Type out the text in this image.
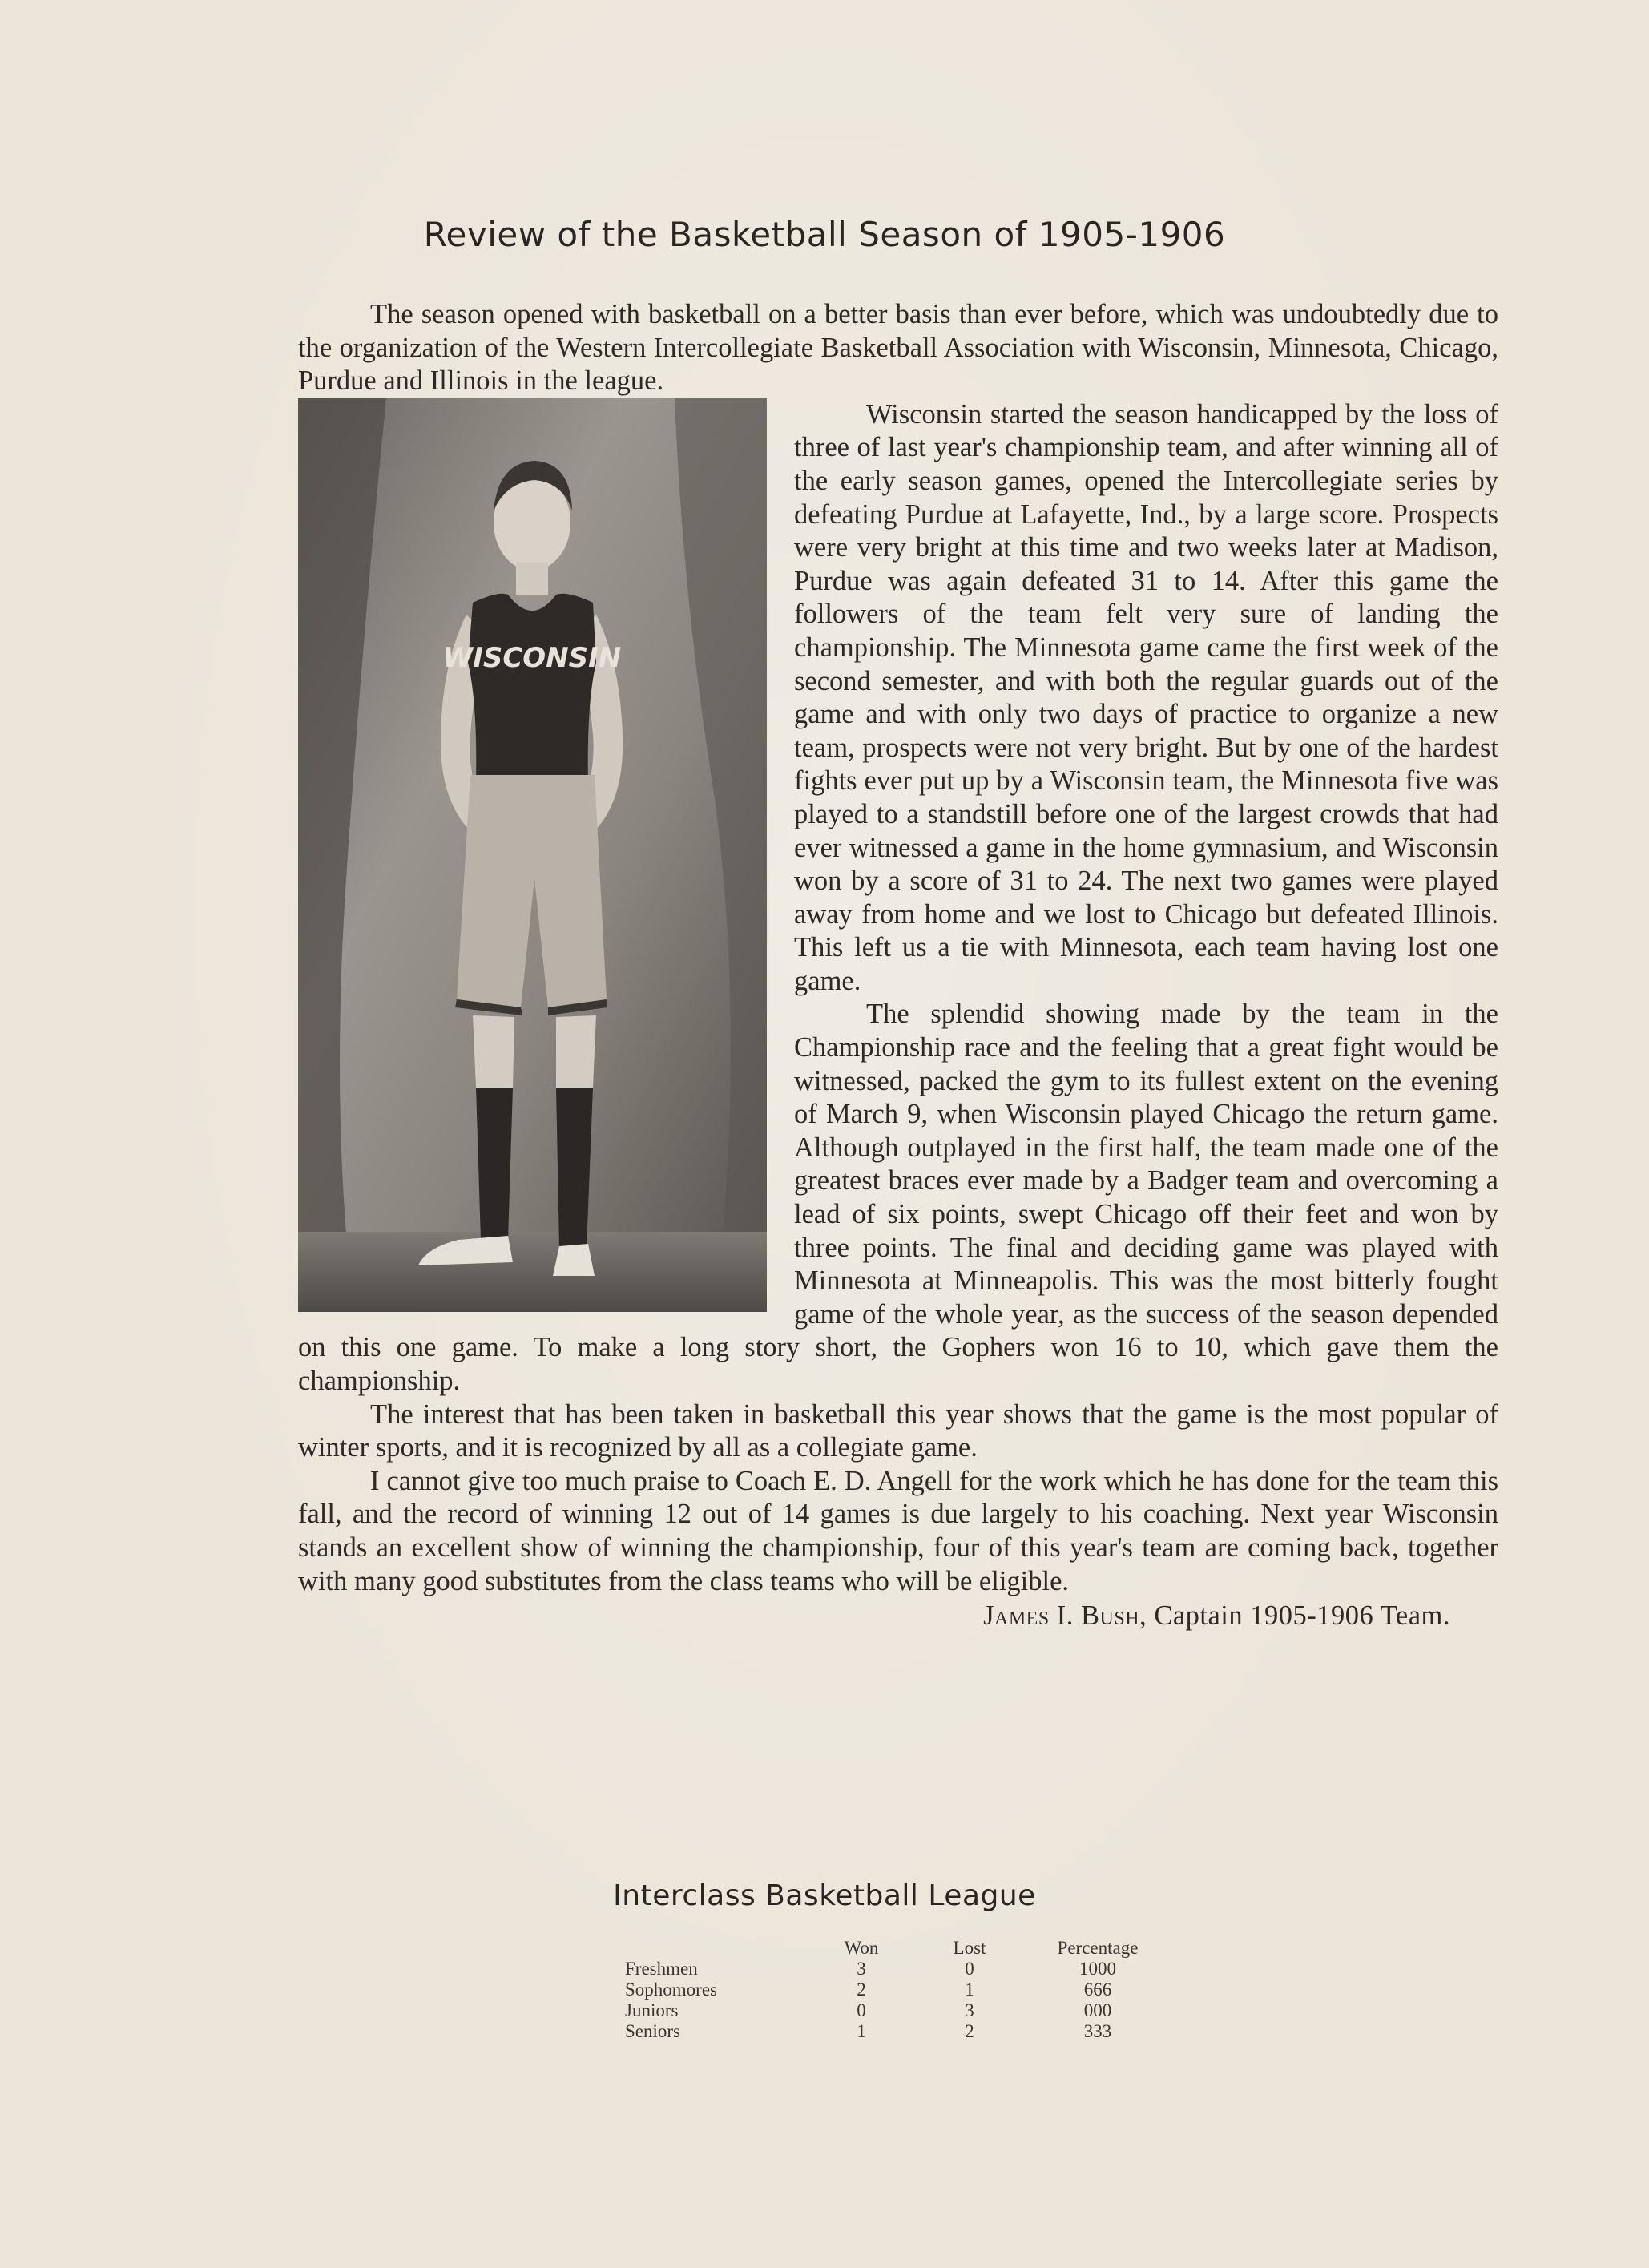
Review of the Basketball Season of 1905-1906

The season opened with basketball on a better basis than ever before, which was undoubtedly due to the organization of the Western Intercollegiate Basketball Association with Wisconsin, Minnesota, Chicago, Purdue and Illinois in the league.

WISCONSIN

Wisconsin started the season handicapped by the loss of three of last year's championship team, and after winning all of the early season games, opened the Intercollegiate series by defeating Purdue at Lafayette, Ind., by a large score. Prospects were very bright at this time and two weeks later at Madison, Purdue was again defeated 31 to 14. After this game the followers of the team felt very sure of landing the championship. The Minnesota game came the first week of the second semester, and with both the regular guards out of the game and with only two days of practice to organize a new team, prospects were not very bright. But by one of the hardest fights ever put up by a Wisconsin team, the Minnesota five was played to a standstill before one of the largest crowds that had ever witnessed a game in the home gymnasium, and Wisconsin won by a score of 31 to 24. The next two games were played away from home and we lost to Chicago but defeated Illinois. This left us a tie with Minnesota, each team having lost one game.

The splendid showing made by the team in the Championship race and the feeling that a great fight would be witnessed, packed the gym to its fullest extent on the evening of March 9, when Wisconsin played Chicago the return game. Although outplayed in the first half, the team made one of the greatest braces ever made by a Badger team and overcoming a lead of six points, swept Chicago off their feet and won by three points. The final and deciding game was played with Minnesota at Minneapolis. This was the most bitterly fought game of the whole year, as the success of the season depended on this one game. To make a long story short, the Gophers won 16 to 10, which gave them the championship.

The interest that has been taken in basketball this year shows that the game is the most popular of winter sports, and it is recognized by all as a collegiate game.

I cannot give too much praise to Coach E. D. Angell for the work which he has done for the team this fall, and the record of winning 12 out of 14 games is due largely to his coaching. Next year Wisconsin stands an excellent show of winning the championship, four of this year's team are coming back, together with many good substitutes from the class teams who will be eligible.

James I. Bush, Captain 1905-1906 Team.
Interclass Basketball League
	Won	Lost	Percentage
Freshmen	3	0	1000
Sophomores	2	1	666
Juniors	0	3	000
Seniors	1	2	333
